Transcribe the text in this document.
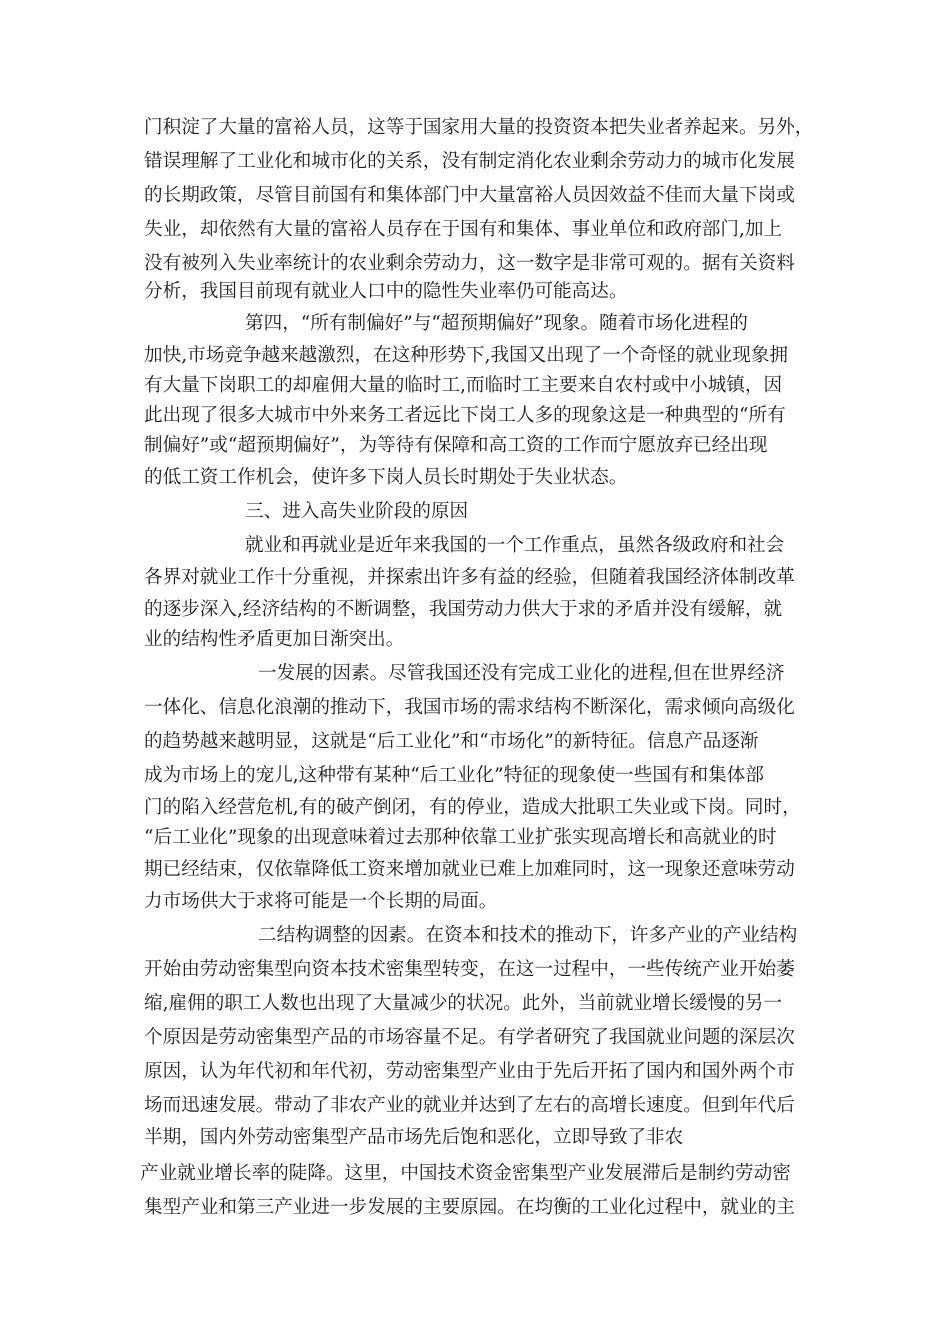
门积淀了大量的富裕人员，这等于国家用大量的投资资本把失业者养起来。另外，
错误理解了工业化和城市化的关系，没有制定消化农业剩余劳动力的城市化发展
的长期政策，尽管目前国有和集体部门中大量富裕人员因效益不佳而大量下岗或
失业，却依然有大量的富裕人员存在于国有和集体、事业单位和政府部门,加上
没有被列入失业率统计的农业剩余劳动力，这一数字是非常可观的。据有关资料
分析，我国目前现有就业人口中的隐性失业率仍可能高达。
第四，“所有制偏好”与“超预期偏好”现象。随着市场化进程的
加快,市场竞争越来越激烈，在这种形势下,我国又出现了一个奇怪的就业现象拥
有大量下岗职工的却雇佣大量的临时工,而临时工主要来自农村或中小城镇，因
此出现了很多大城市中外来务工者远比下岗工人多的现象这是一种典型的“所有
制偏好”或“超预期偏好”，为等待有保障和高工资的工作而宁愿放弃已经出现
的低工资工作机会，使许多下岗人员长时期处于失业状态。
三、进入高失业阶段的原因
就业和再就业是近年来我国的一个工作重点，虽然各级政府和社会
各界对就业工作十分重视，并探索出许多有益的经验，但随着我国经济体制改革
的逐步深入,经济结构的不断调整，我国劳动力供大于求的矛盾并没有缓解，就
业的结构性矛盾更加日渐突出。
一发展的因素。尽管我国还没有完成工业化的进程,但在世界经济
一体化、信息化浪潮的推动下，我国市场的需求结构不断深化，需求倾向高级化
的趋势越来越明显，这就是“后工业化”和“市场化”的新特征。信息产品逐渐
成为市场上的宠儿,这种带有某种“后工业化”特征的现象使一些国有和集体部
门的陷入经营危机,有的破产倒闭，有的停业，造成大批职工失业或下岗。同时，
“后工业化”现象的出现意味着过去那种依靠工业扩张实现高增长和高就业的时
期已经结束，仅依靠降低工资来增加就业已难上加难同时，这一现象还意味劳动
力市场供大于求将可能是一个长期的局面。
二结构调整的因素。在资本和技术的推动下，许多产业的产业结构
开始由劳动密集型向资本技术密集型转变，在这一过程中，一些传统产业开始萎
缩,雇佣的职工人数也出现了大量减少的状况。此外，当前就业增长缓慢的另一
个原因是劳动密集型产品的市场容量不足。有学者研究了我国就业问题的深层次
原因，认为年代初和年代初，劳动密集型产业由于先后开拓了国内和国外两个市
场而迅速发展。带动了非农产业的就业并达到了左右的高增长速度。但到年代后
半期，国内外劳动密集型产品市场先后饱和恶化，立即导致了非农
产业就业增长率的陡降。这里，中国技术资金密集型产业发展滞后是制约劳动密
集型产业和第三产业进一步发展的主要原园。在均衡的工业化过程中，就业的主
